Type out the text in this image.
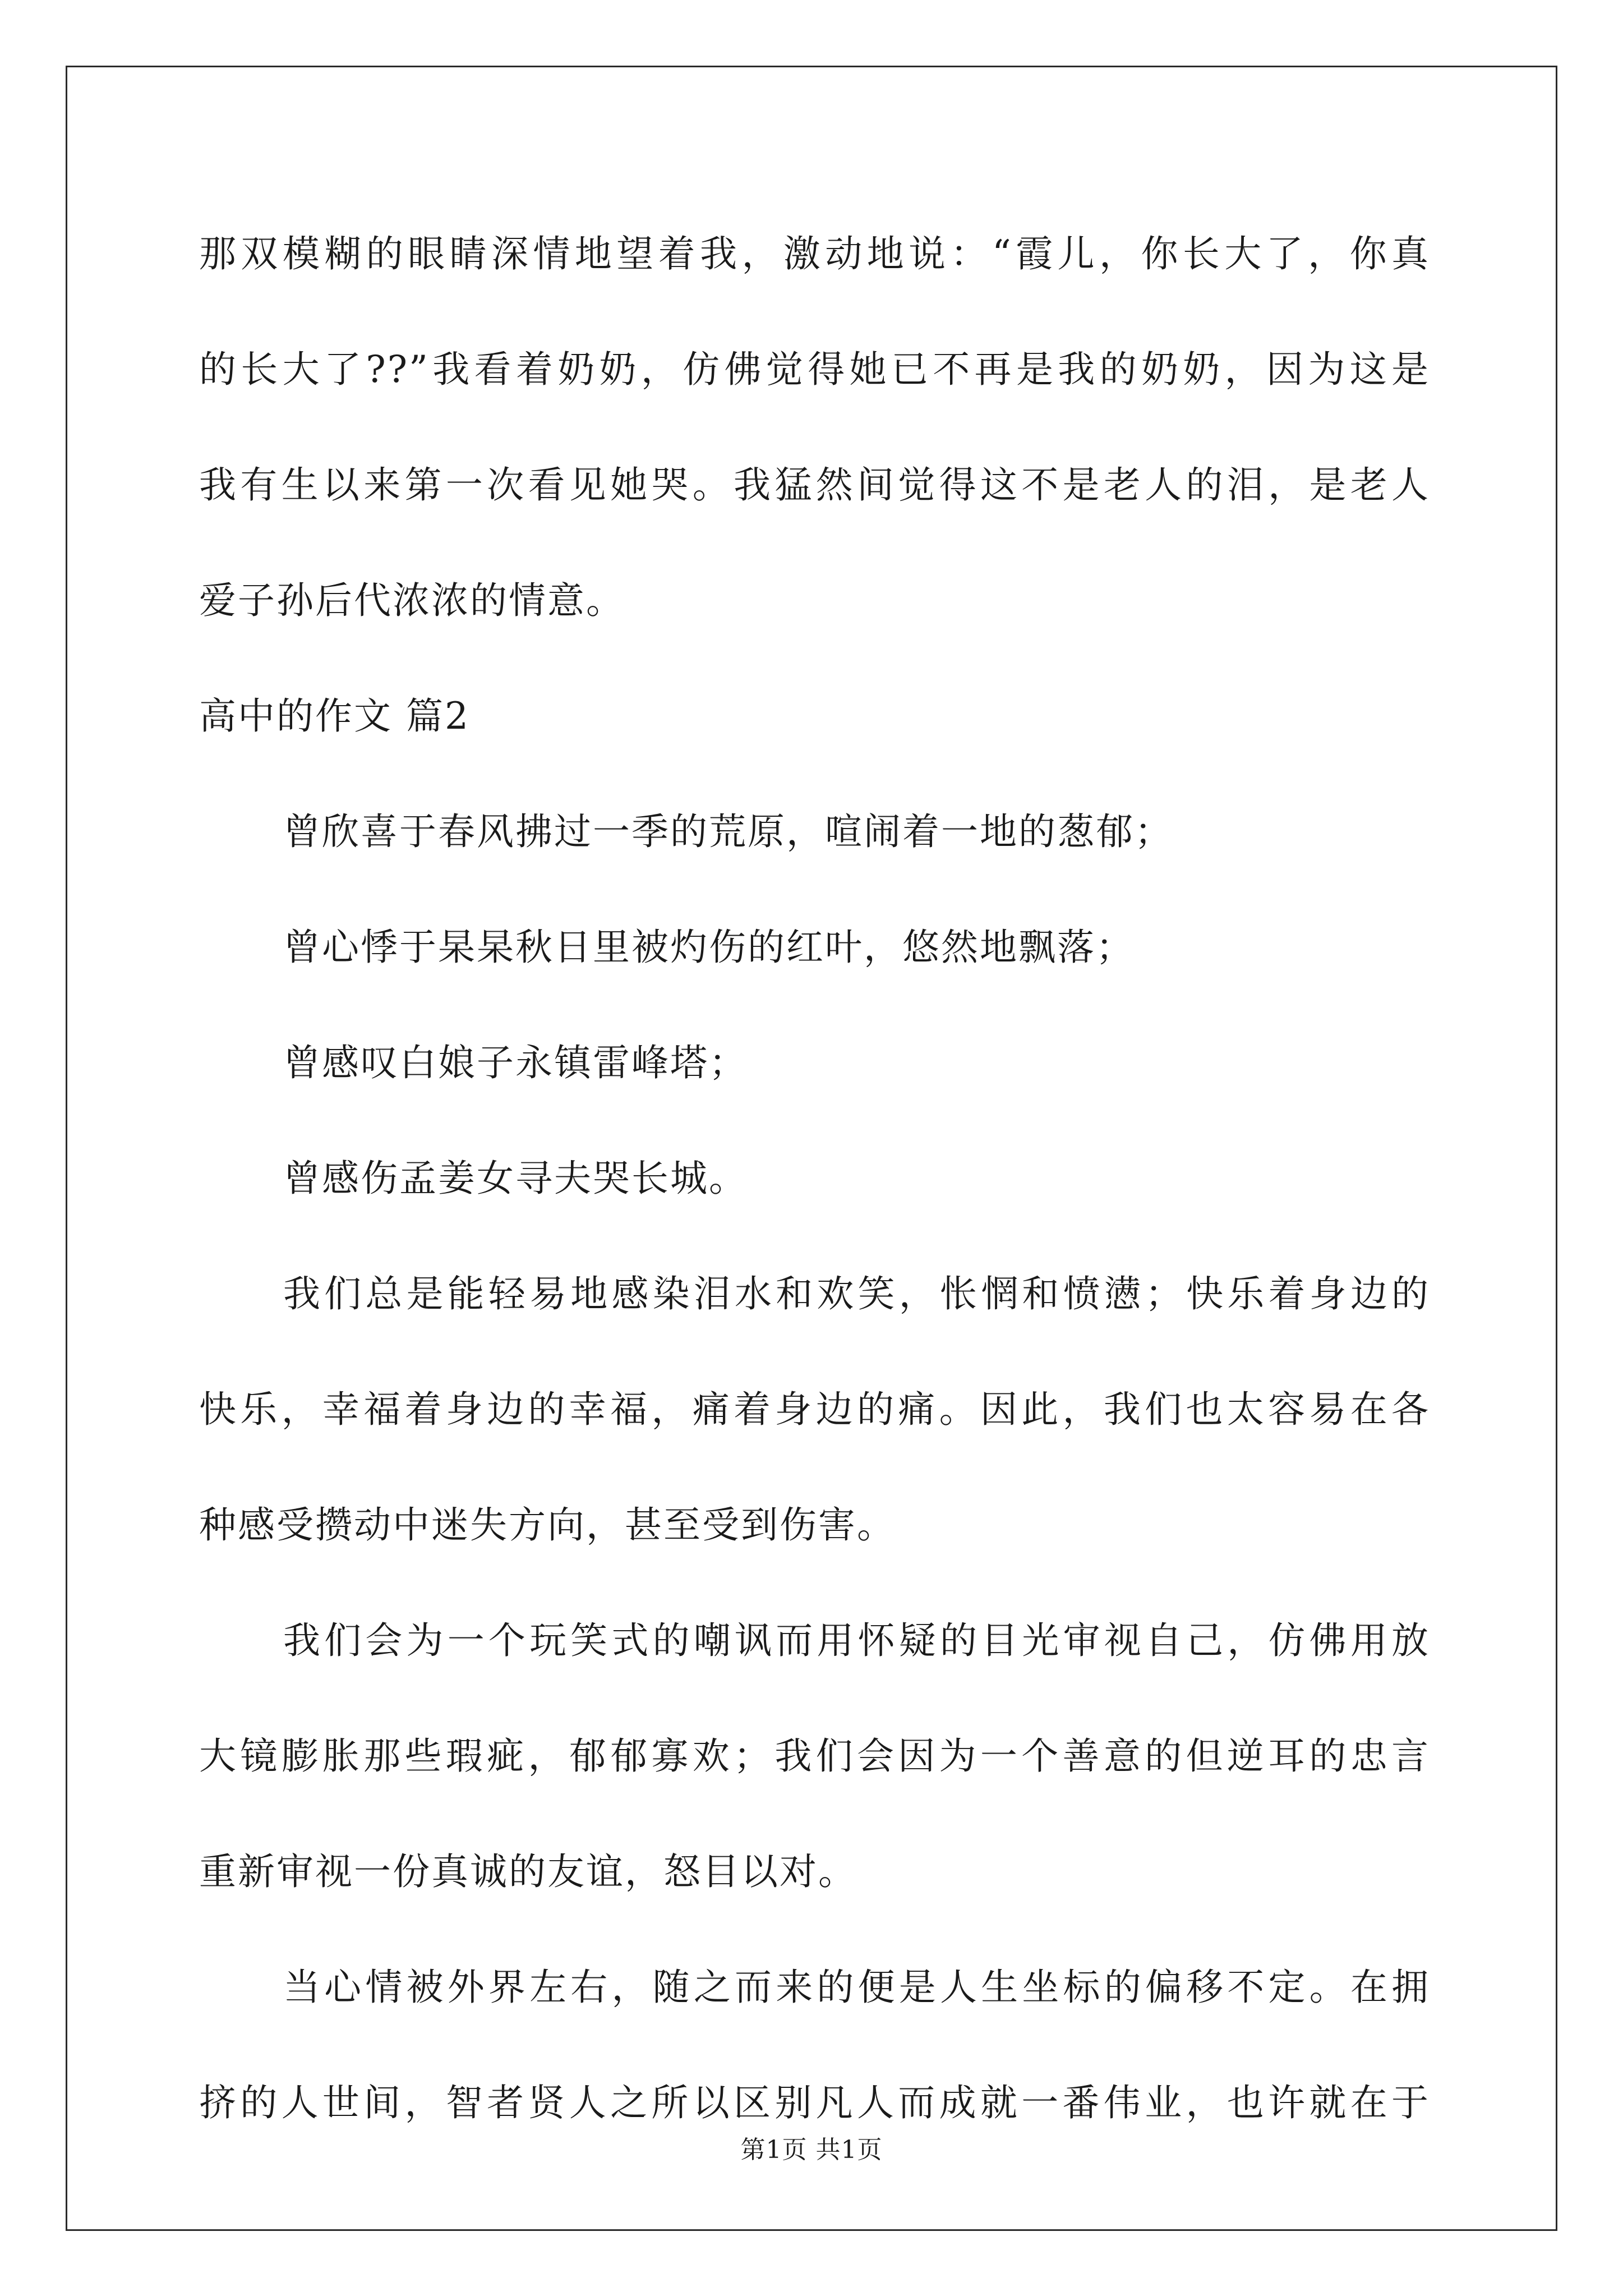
那双模糊的眼睛深情地望着我，激动地说：“霞儿，你长大了，你真
的长大了??”我看着奶奶，仿佛觉得她已不再是我的奶奶，因为这是
我有生以来第一次看见她哭。我猛然间觉得这不是老人的泪，是老人
爱子孙后代浓浓的情意。
高中的作文 篇2
曾欣喜于春风拂过一季的荒原，喧闹着一地的葱郁；
曾心悸于杲杲秋日里被灼伤的红叶，悠然地飘落；
曾感叹白娘子永镇雷峰塔；
曾感伤孟姜女寻夫哭长城。
我们总是能轻易地感染泪水和欢笑，怅惘和愤懑；快乐着身边的
快乐，幸福着身边的幸福，痛着身边的痛。因此，我们也太容易在各
种感受攒动中迷失方向，甚至受到伤害。
我们会为一个玩笑式的嘲讽而用怀疑的目光审视自己，仿佛用放
大镜膨胀那些瑕疵，郁郁寡欢；我们会因为一个善意的但逆耳的忠言
重新审视一份真诚的友谊，怒目以对。
当心情被外界左右，随之而来的便是人生坐标的偏移不定。在拥
挤的人世间，智者贤人之所以区别凡人而成就一番伟业，也许就在于
第1页 共1页
